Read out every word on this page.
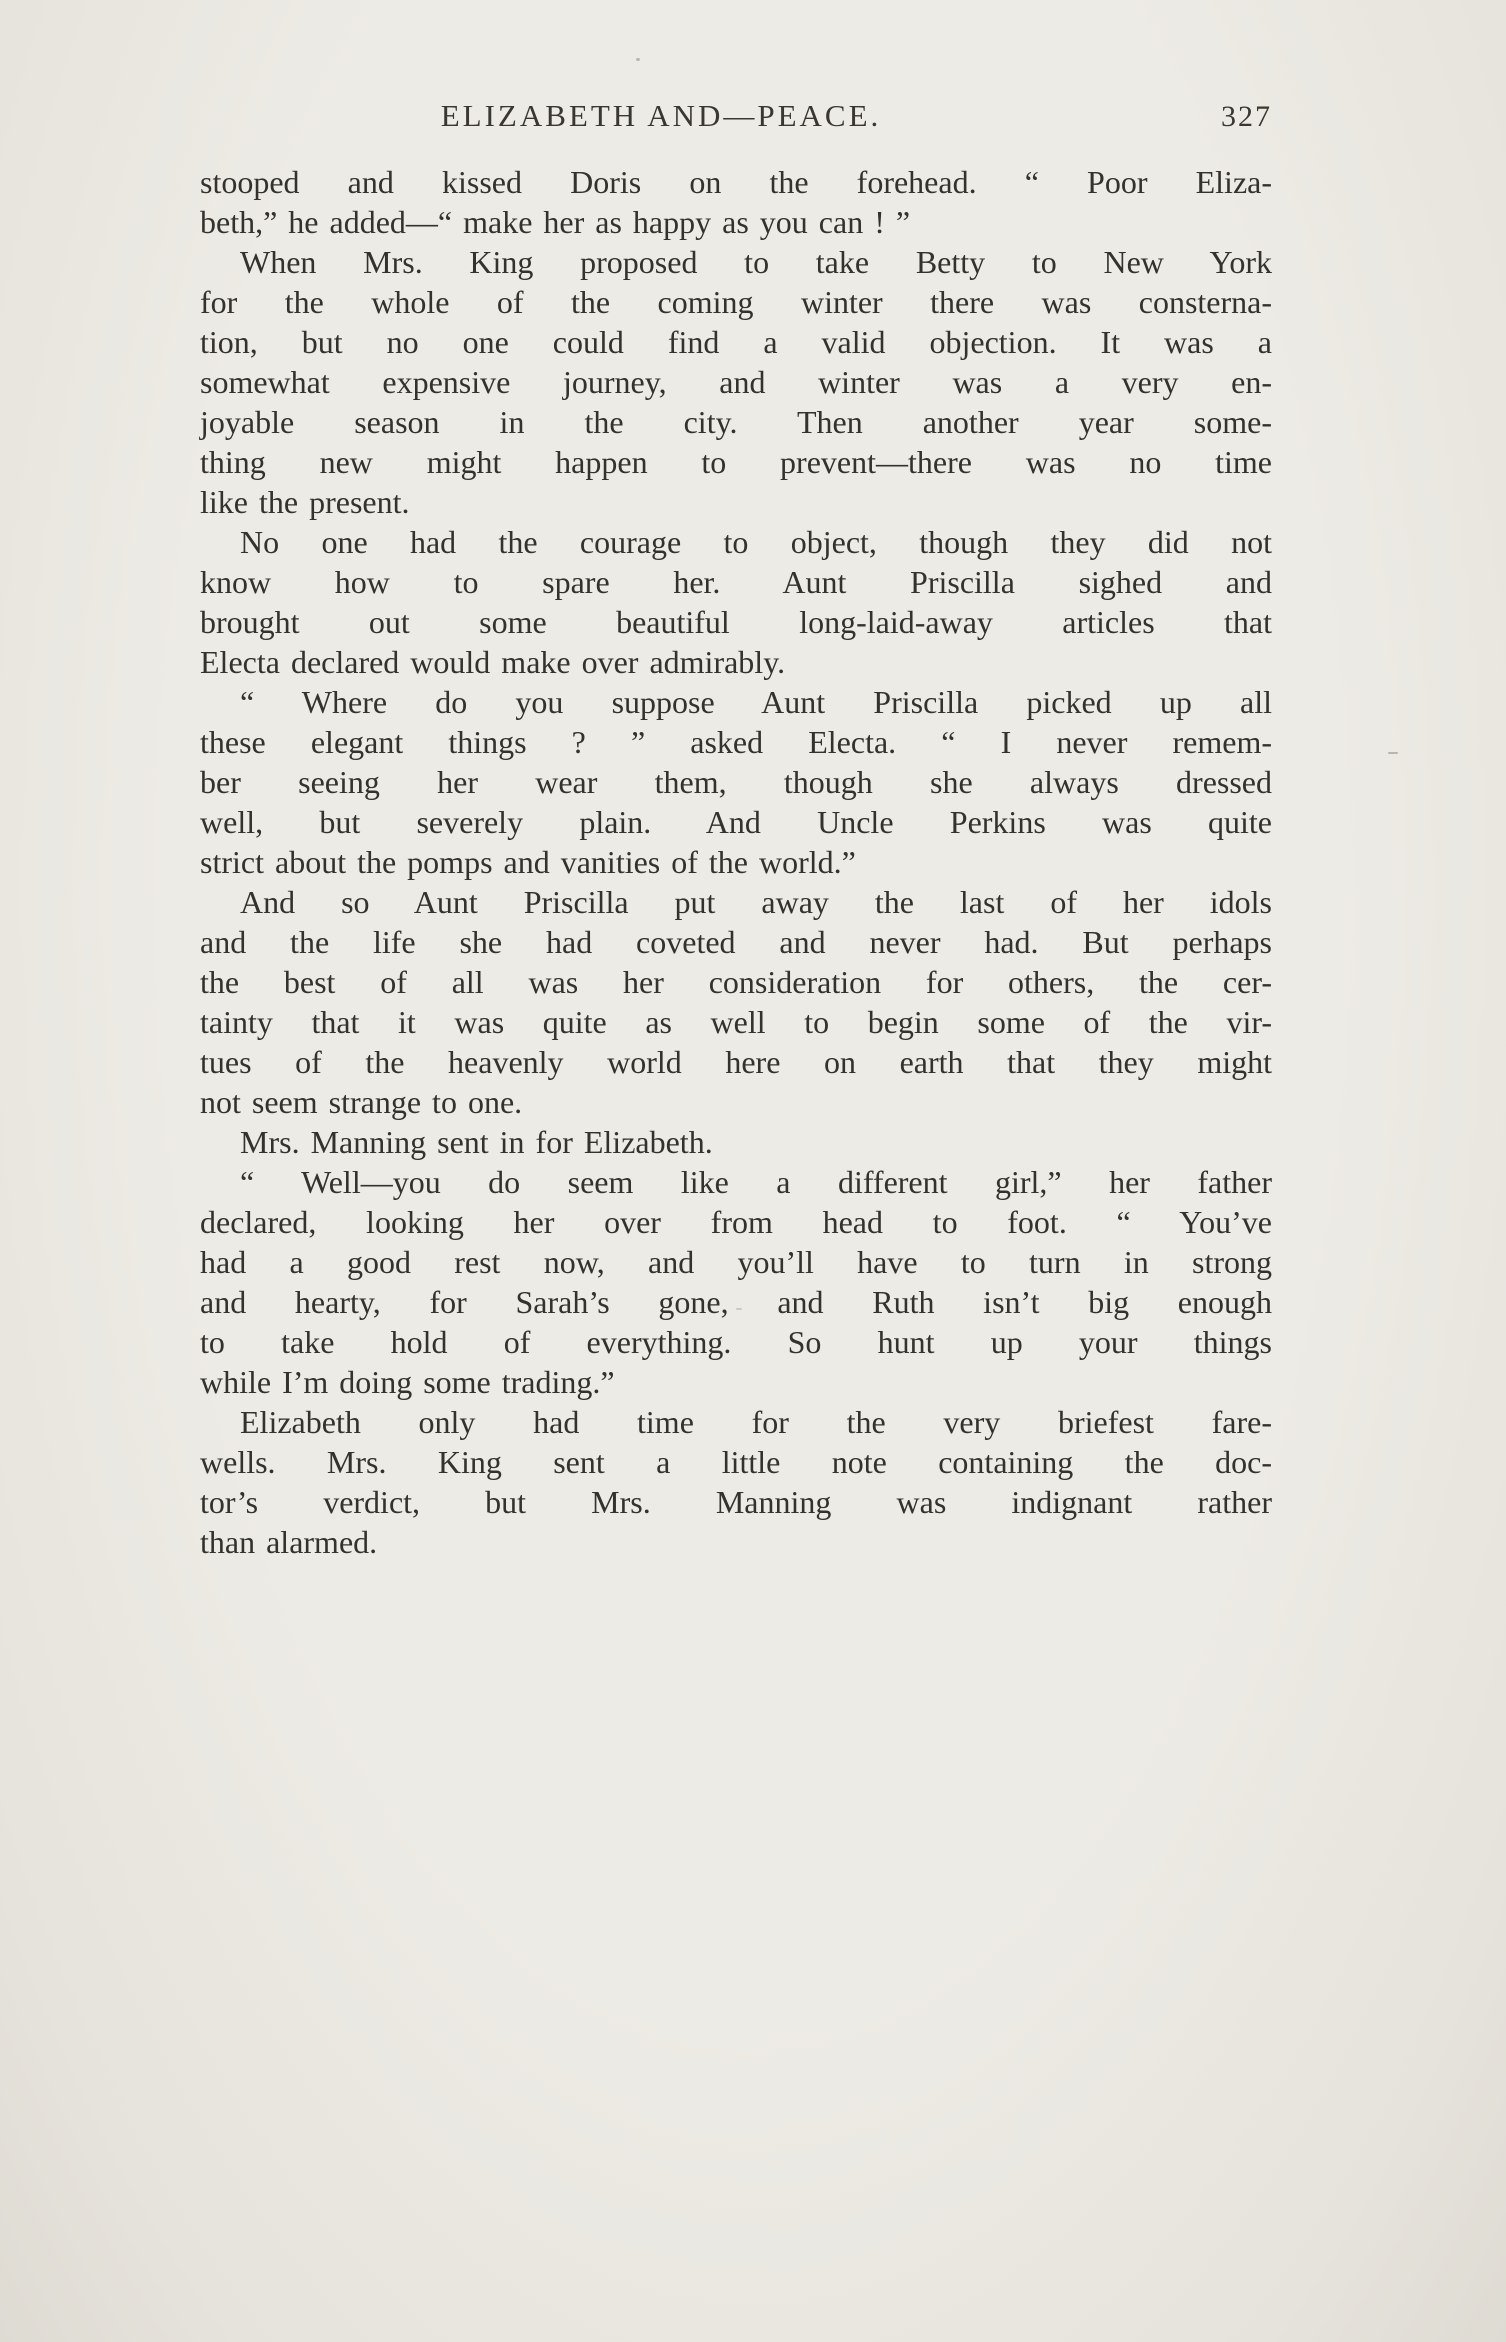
ELIZABETH AND—PEACE.	327
stooped and kissed Doris on the forehead. “ Poor Eliza-
beth,” he added—“ make her as happy as you can ! ”
When Mrs. King proposed to take Betty to New York
for the whole of the coming winter there was consterna-
tion, but no one could find a valid objection. It was a
somewhat expensive journey, and winter was a very en-
joyable season in the city. Then another year some-
thing new might happen to prevent—there was no time
like the present.
No one had the courage to object, though they did not
know how to spare her. Aunt Priscilla sighed and
brought out some beautiful long-laid-away articles that
Electa declared would make over admirably.
“ Where do you suppose Aunt Priscilla picked up all
these elegant things ? ” asked Electa. “ I never remem-
ber seeing her wear them, though she always dressed
well, but severely plain. And Uncle Perkins was quite
strict about the pomps and vanities of the world.”
And so Aunt Priscilla put away the last of her idols
and the life she had coveted and never had. But perhaps
the best of all was her consideration for others, the cer-
tainty that it was quite as well to begin some of the vir-
tues of the heavenly world here on earth that they might
not seem strange to one.
Mrs. Manning sent in for Elizabeth.
“ Well—you do seem like a different girl,” her father
declared, looking her over from head to foot. “ You’ve
had a good rest now, and you’ll have to turn in strong
and hearty, for Sarah’s gone, and Ruth isn’t big enough
to take hold of everything. So hunt up your things
while I’m doing some trading.”
Elizabeth only had time for the very briefest fare-
wells. Mrs. King sent a little note containing the doc-
tor’s verdict, but Mrs. Manning was indignant rather
than alarmed.
